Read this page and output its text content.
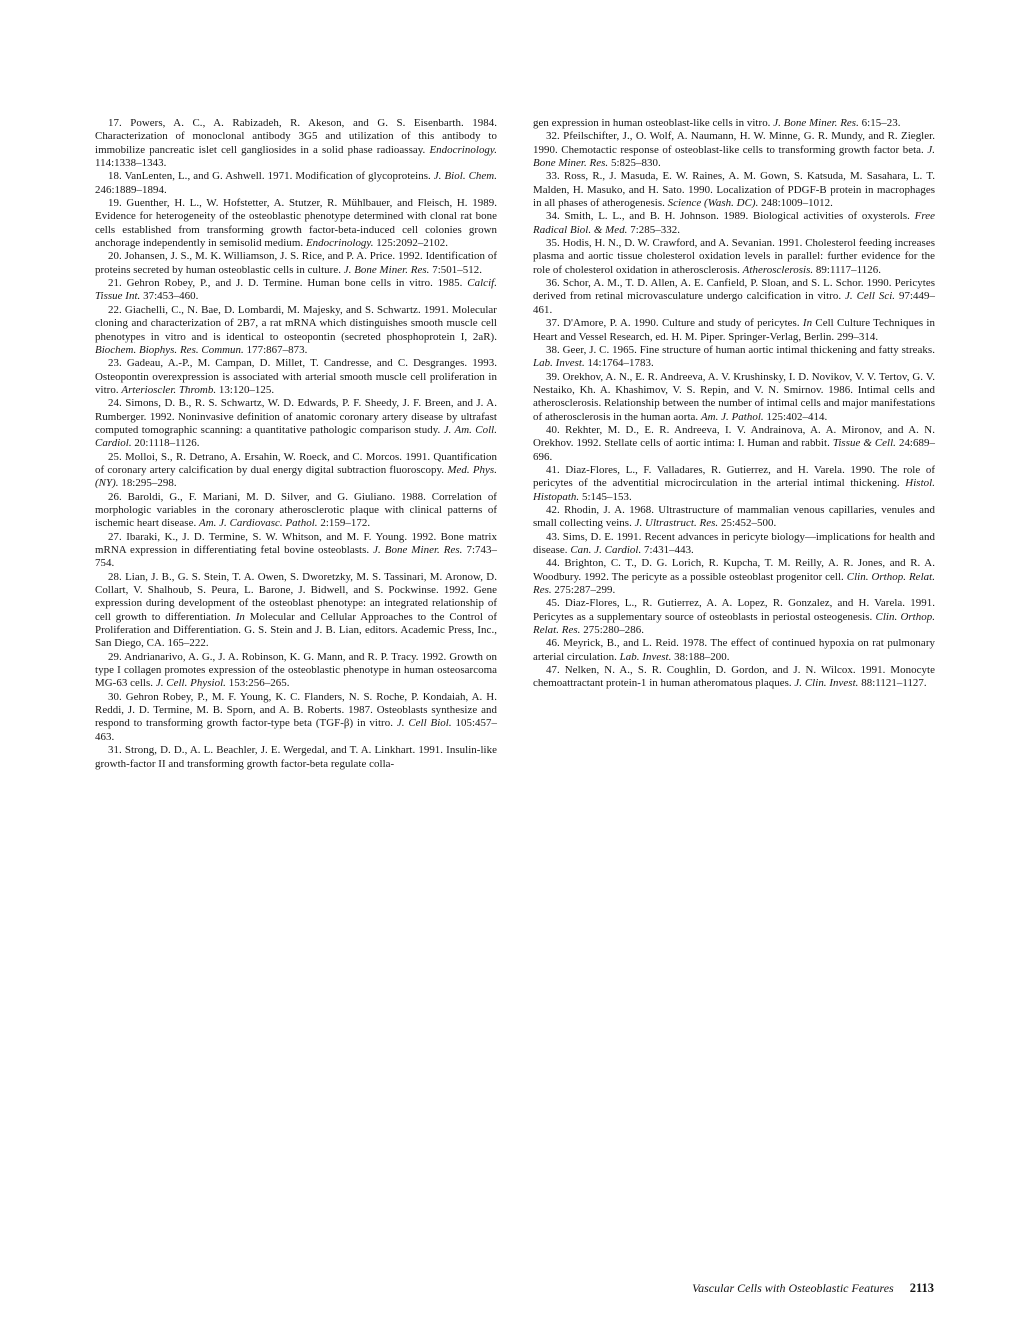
17. Powers, A. C., A. Rabizadeh, R. Akeson, and G. S. Eisenbarth. 1984. Characterization of monoclonal antibody 3G5 and utilization of this antibody to immobilize pancreatic islet cell gangliosides in a solid phase radioassay. Endocrinology. 114:1338–1343.

18. VanLenten, L., and G. Ashwell. 1971. Modification of glycoproteins. J. Biol. Chem. 246:1889–1894.

19. Guenther, H. L., W. Hofstetter, A. Stutzer, R. Mühlbauer, and Fleisch, H. 1989. Evidence for heterogeneity of the osteoblastic phenotype determined with clonal rat bone cells established from transforming growth factor-beta-induced cell colonies grown anchorage independently in semisolid medium. Endocrinology. 125:2092–2102.

20. Johansen, J. S., M. K. Williamson, J. S. Rice, and P. A. Price. 1992. Identification of proteins secreted by human osteoblastic cells in culture. J. Bone Miner. Res. 7:501–512.

21. Gehron Robey, P., and J. D. Termine. Human bone cells in vitro. 1985. Calcif. Tissue Int. 37:453–460.

22. Giachelli, C., N. Bae, D. Lombardi, M. Majesky, and S. Schwartz. 1991. Molecular cloning and characterization of 2B7, a rat mRNA which distinguishes smooth muscle cell phenotypes in vitro and is identical to osteopontin (secreted phosphoprotein I, 2aR). Biochem. Biophys. Res. Commun. 177:867–873.

23. Gadeau, A.-P., M. Campan, D. Millet, T. Candresse, and C. Desgranges. 1993. Osteopontin overexpression is associated with arterial smooth muscle cell proliferation in vitro. Arterioscler. Thromb. 13:120–125.

24. Simons, D. B., R. S. Schwartz, W. D. Edwards, P. F. Sheedy, J. F. Breen, and J. A. Rumberger. 1992. Noninvasive definition of anatomic coronary artery disease by ultrafast computed tomographic scanning: a quantitative pathologic comparison study. J. Am. Coll. Cardiol. 20:1118–1126.

25. Molloi, S., R. Detrano, A. Ersahin, W. Roeck, and C. Morcos. 1991. Quantification of coronary artery calcification by dual energy digital subtraction fluoroscopy. Med. Phys. (NY). 18:295–298.

26. Baroldi, G., F. Mariani, M. D. Silver, and G. Giuliano. 1988. Correlation of morphologic variables in the coronary atherosclerotic plaque with clinical patterns of ischemic heart disease. Am. J. Cardiovasc. Pathol. 2:159–172.

27. Ibaraki, K., J. D. Termine, S. W. Whitson, and M. F. Young. 1992. Bone matrix mRNA expression in differentiating fetal bovine osteoblasts. J. Bone Miner. Res. 7:743–754.

28. Lian, J. B., G. S. Stein, T. A. Owen, S. Dworetzky, M. S. Tassinari, M. Aronow, D. Collart, V. Shalhoub, S. Peura, L. Barone, J. Bidwell, and S. Pockwinse. 1992. Gene expression during development of the osteoblast phenotype: an integrated relationship of cell growth to differentiation. In Molecular and Cellular Approaches to the Control of Proliferation and Differentiation. G. S. Stein and J. B. Lian, editors. Academic Press, Inc., San Diego, CA. 165–222.

29. Andrianarivo, A. G., J. A. Robinson, K. G. Mann, and R. P. Tracy. 1992. Growth on type I collagen promotes expression of the osteoblastic phenotype in human osteosarcoma MG-63 cells. J. Cell. Physiol. 153:256–265.

30. Gehron Robey, P., M. F. Young, K. C. Flanders, N. S. Roche, P. Kondaiah, A. H. Reddi, J. D. Termine, M. B. Sporn, and A. B. Roberts. 1987. Osteoblasts synthesize and respond to transforming growth factor-type beta (TGF-β) in vitro. J. Cell Biol. 105:457–463.

31. Strong, D. D., A. L. Beachler, J. E. Wergedal, and T. A. Linkhart. 1991. Insulin-like growth-factor II and transforming growth factor-beta regulate colla-

gen expression in human osteoblast-like cells in vitro. J. Bone Miner. Res. 6:15–23.

32. Pfeilschifter, J., O. Wolf, A. Naumann, H. W. Minne, G. R. Mundy, and R. Ziegler. 1990. Chemotactic response of osteoblast-like cells to transforming growth factor beta. J. Bone Miner. Res. 5:825–830.

33. Ross, R., J. Masuda, E. W. Raines, A. M. Gown, S. Katsuda, M. Sasahara, L. T. Malden, H. Masuko, and H. Sato. 1990. Localization of PDGF-B protein in macrophages in all phases of atherogenesis. Science (Wash. DC). 248:1009–1012.

34. Smith, L. L., and B. H. Johnson. 1989. Biological activities of oxysterols. Free Radical Biol. & Med. 7:285–332.

35. Hodis, H. N., D. W. Crawford, and A. Sevanian. 1991. Cholesterol feeding increases plasma and aortic tissue cholesterol oxidation levels in parallel: further evidence for the role of cholesterol oxidation in atherosclerosis. Atherosclerosis. 89:1117–1126.

36. Schor, A. M., T. D. Allen, A. E. Canfield, P. Sloan, and S. L. Schor. 1990. Pericytes derived from retinal microvasculature undergo calcification in vitro. J. Cell Sci. 97:449–461.

37. D'Amore, P. A. 1990. Culture and study of pericytes. In Cell Culture Techniques in Heart and Vessel Research, ed. H. M. Piper. Springer-Verlag, Berlin. 299–314.

38. Geer, J. C. 1965. Fine structure of human aortic intimal thickening and fatty streaks. Lab. Invest. 14:1764–1783.

39. Orekhov, A. N., E. R. Andreeva, A. V. Krushinsky, I. D. Novikov, V. V. Tertov, G. V. Nestaiko, Kh. A. Khashimov, V. S. Repin, and V. N. Smirnov. 1986. Intimal cells and atherosclerosis. Relationship between the number of intimal cells and major manifestations of atherosclerosis in the human aorta. Am. J. Pathol. 125:402–414.

40. Rekhter, M. D., E. R. Andreeva, I. V. Andrainova, A. A. Mironov, and A. N. Orekhov. 1992. Stellate cells of aortic intima: I. Human and rabbit. Tissue & Cell. 24:689–696.

41. Diaz-Flores, L., F. Valladares, R. Gutierrez, and H. Varela. 1990. The role of pericytes of the adventitial microcirculation in the arterial intimal thickening. Histol. Histopath. 5:145–153.

42. Rhodin, J. A. 1968. Ultrastructure of mammalian venous capillaries, venules and small collecting veins. J. Ultrastruct. Res. 25:452–500.

43. Sims, D. E. 1991. Recent advances in pericyte biology—implications for health and disease. Can. J. Cardiol. 7:431–443.

44. Brighton, C. T., D. G. Lorich, R. Kupcha, T. M. Reilly, A. R. Jones, and R. A. Woodbury. 1992. The pericyte as a possible osteoblast progenitor cell. Clin. Orthop. Relat. Res. 275:287–299.

45. Diaz-Flores, L., R. Gutierrez, A. A. Lopez, R. Gonzalez, and H. Varela. 1991. Pericytes as a supplementary source of osteoblasts in periostal osteogenesis. Clin. Orthop. Relat. Res. 275:280–286.

46. Meyrick, B., and L. Reid. 1978. The effect of continued hypoxia on rat pulmonary arterial circulation. Lab. Invest. 38:188–200.

47. Nelken, N. A., S. R. Coughlin, D. Gordon, and J. N. Wilcox. 1991. Monocyte chemoattractant protein-1 in human atheromatous plaques. J. Clin. Invest. 88:1121–1127.

Vascular Cells with Osteoblastic Features 2113
